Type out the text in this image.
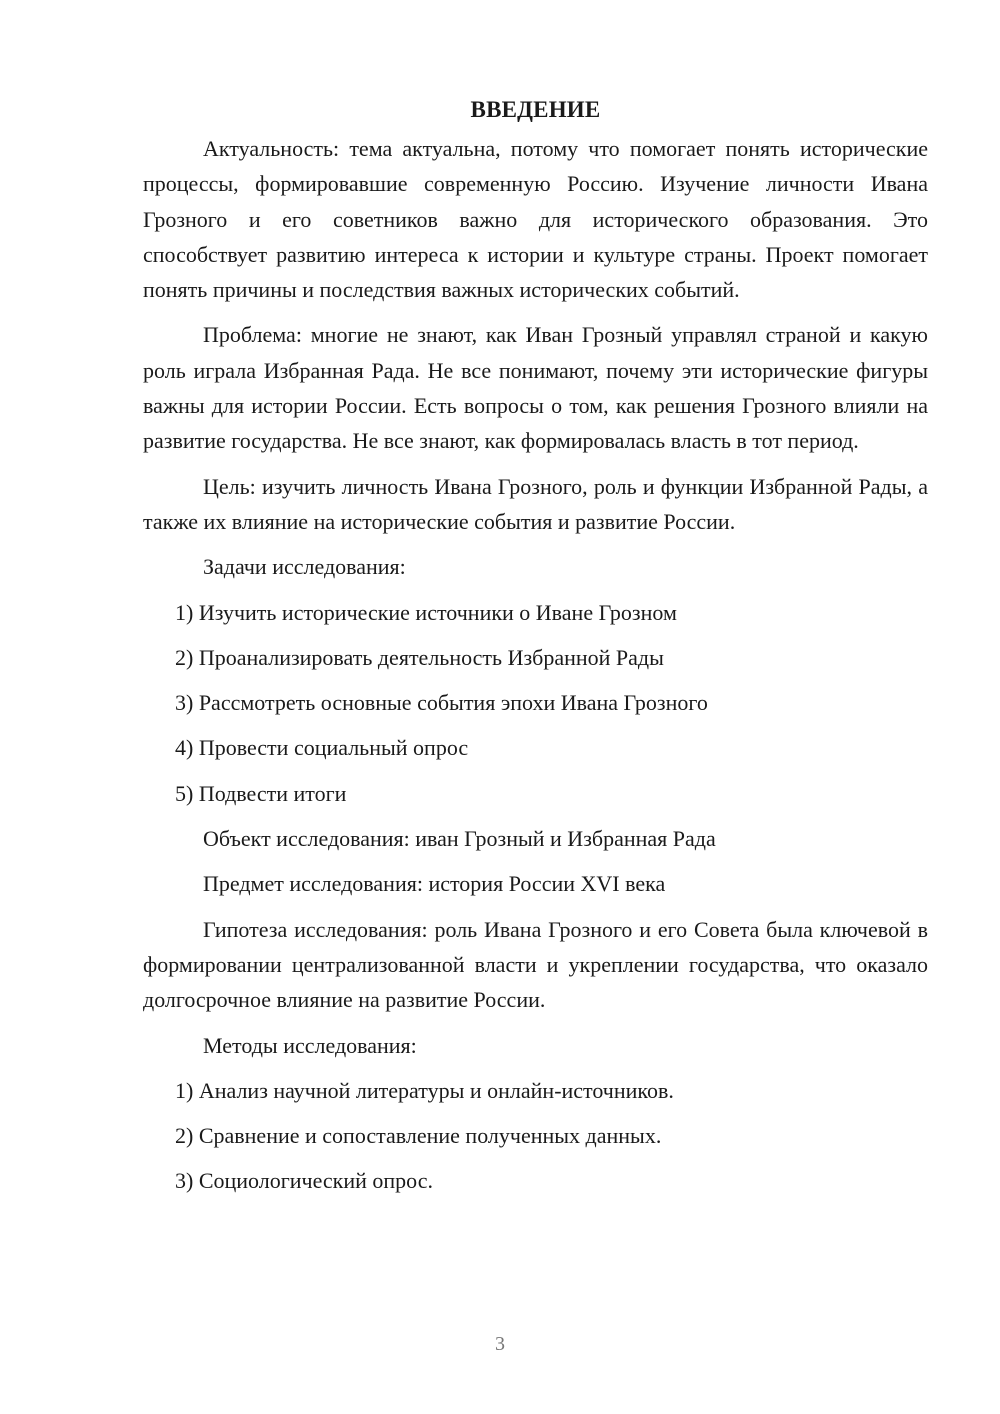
ВВЕДЕНИЕ

Актуальность: тема актуальна, потому что помогает понять исторические процессы, формировавшие современную Россию. Изучение личности Ивана Грозного и его советников важно для исторического образования. Это способствует развитию интереса к истории и культуре страны. Проект помогает понять причины и последствия важных исторических событий.

Проблема: многие не знают, как Иван Грозный управлял страной и какую роль играла Избранная Рада. Не все понимают, почему эти исторические фигуры важны для истории России. Есть вопросы о том, как решения Грозного влияли на развитие государства. Не все знают, как формировалась власть в тот период.

Цель: изучить личность Ивана Грозного, роль и функции Избранной Рады, а также их влияние на исторические события и развитие России.

Задачи исследования:
1) Изучить исторические источники о Иване Грозном
2) Проанализировать деятельность Избранной Рады
3) Рассмотреть основные события эпохи Ивана Грозного
4) Провести социальный опрос
5) Подвести итоги
Объект исследования: иван Грозный и Избранная Рада
Предмет исследования: история России XVI века

Гипотеза исследования: роль Ивана Грозного и его Совета была ключевой в формировании централизованной власти и укреплении государства, что оказало долгосрочное влияние на развитие России.

Методы исследования:
1) Анализ научной литературы и онлайн-источников.
2) Сравнение и сопоставление полученных данных.
3) Социологический опрос.
3
